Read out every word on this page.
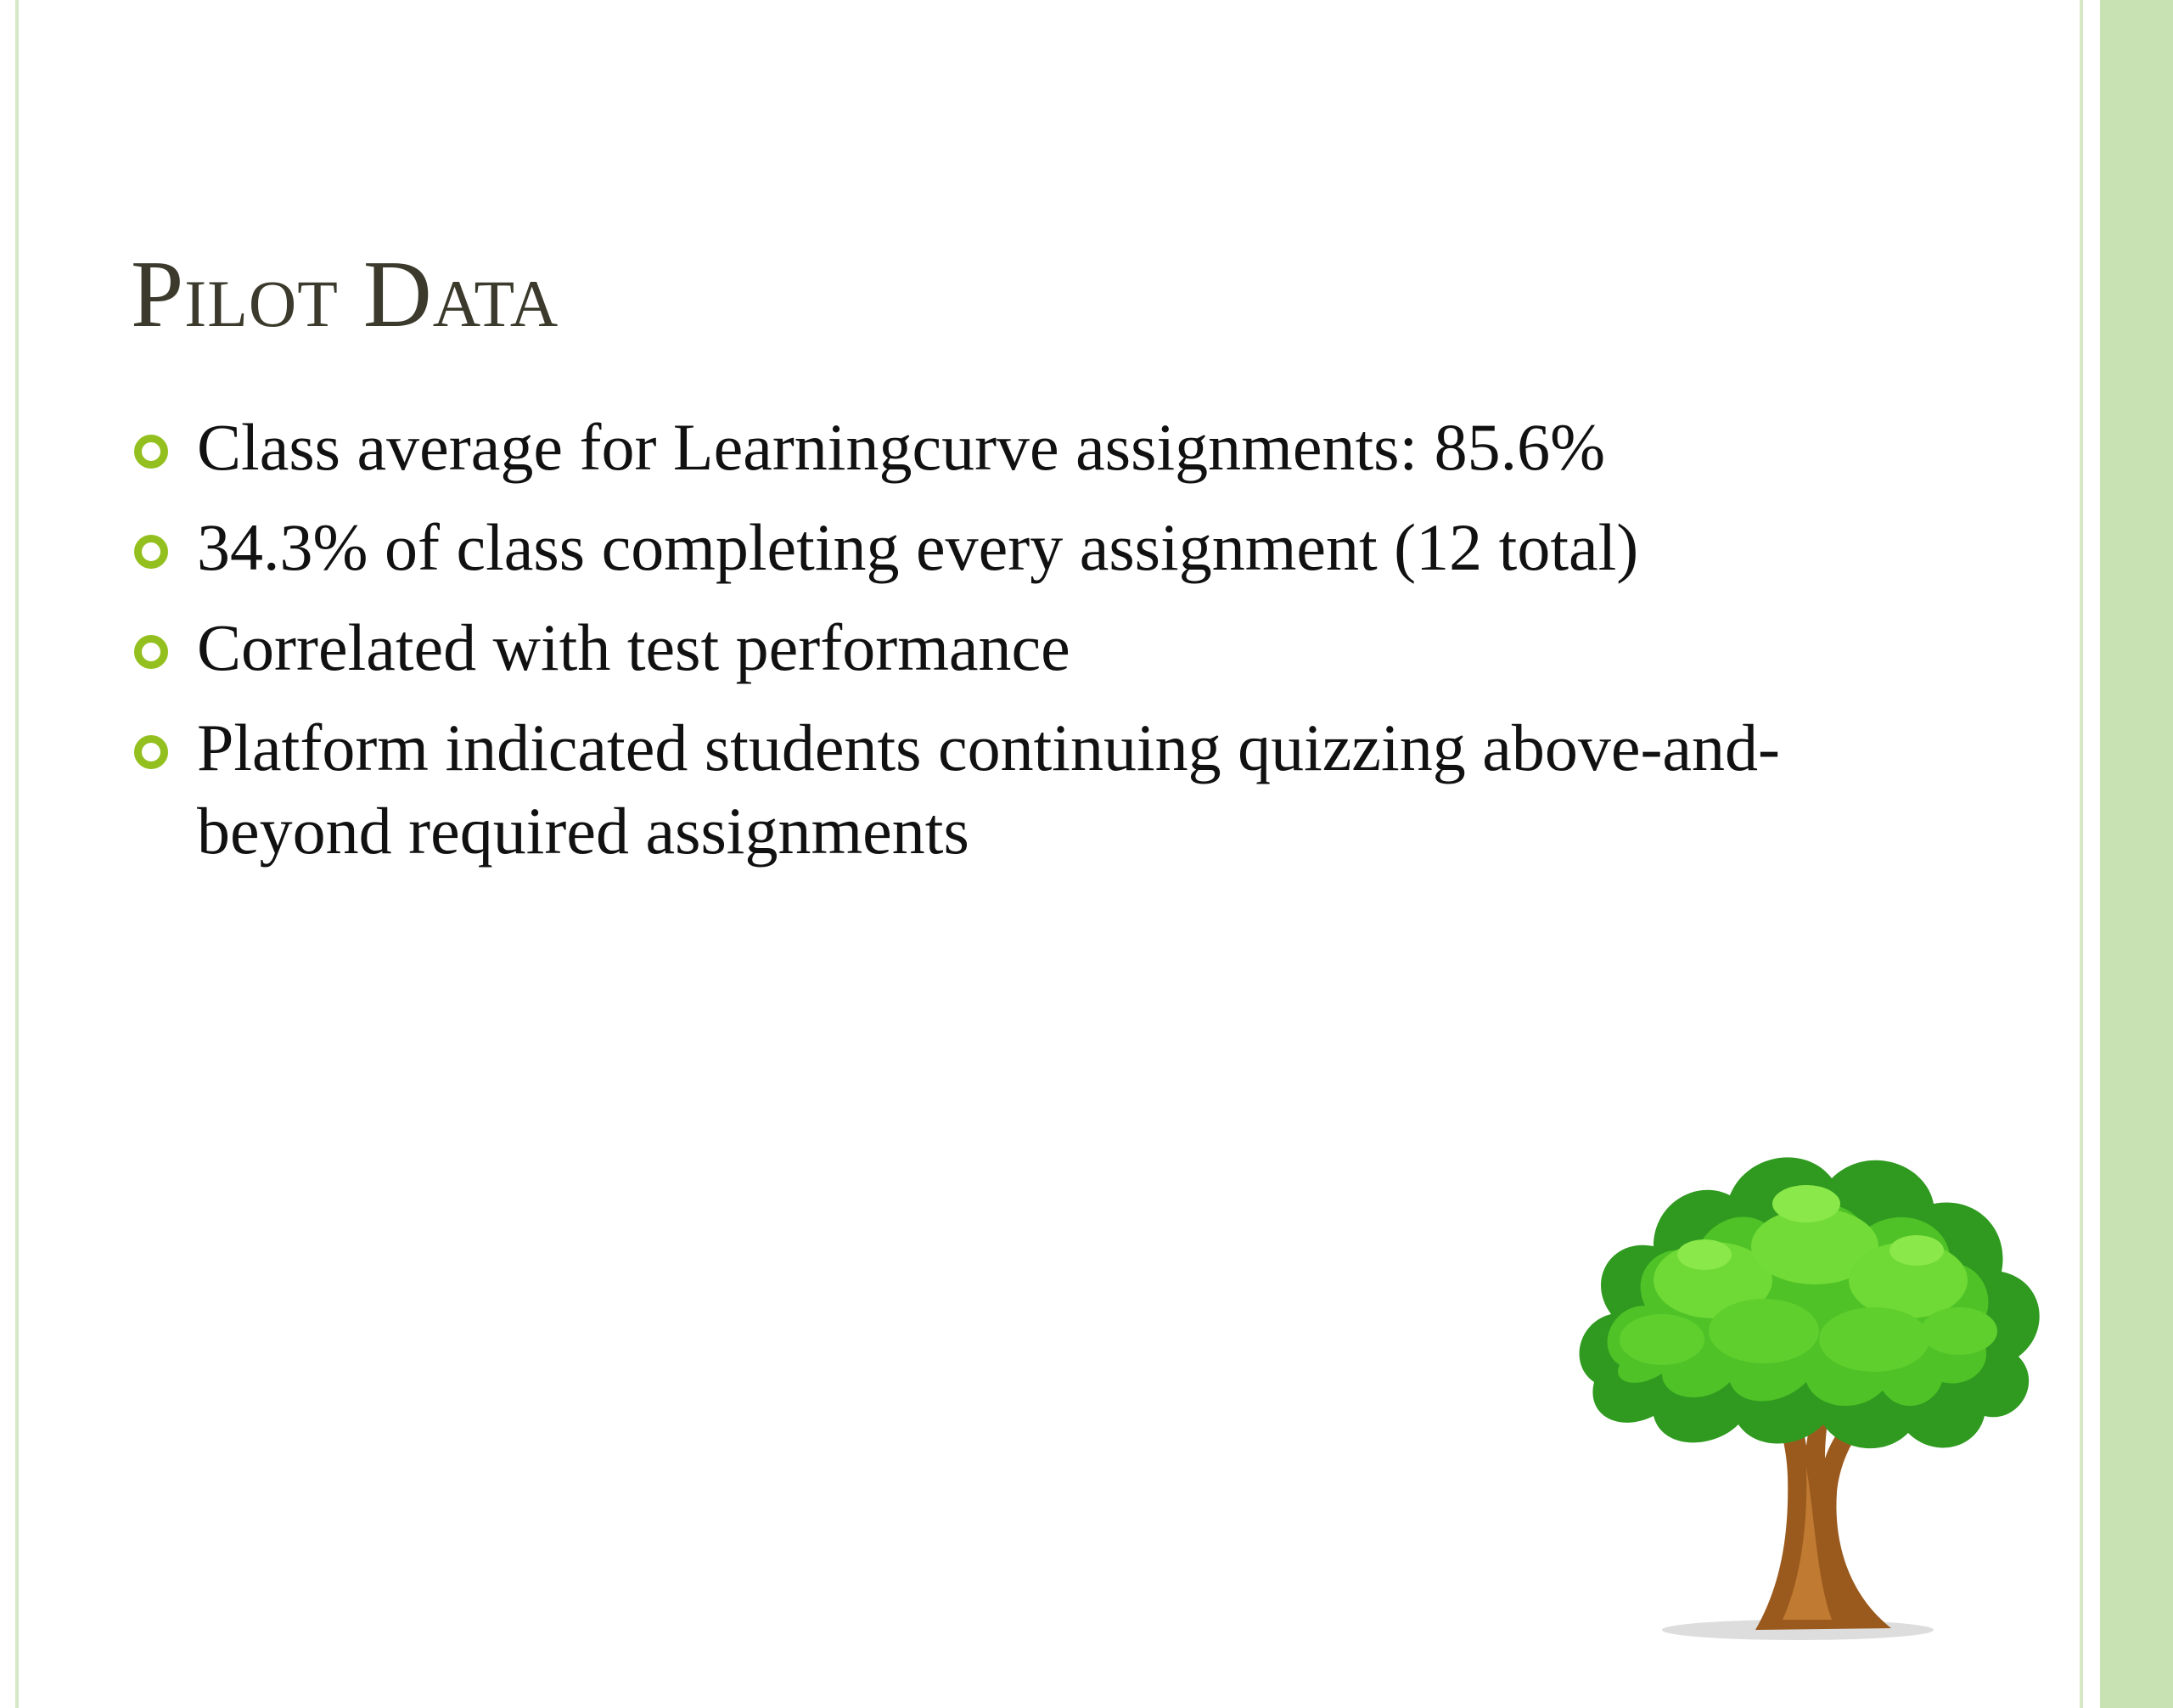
Pilot Data
Class average for Learningcurve assignments: 85.6%
34.3% of class completing every assignment (12 total)
Correlated with test performance
Platform indicated students continuing quizzing above-and-beyond required assignments
